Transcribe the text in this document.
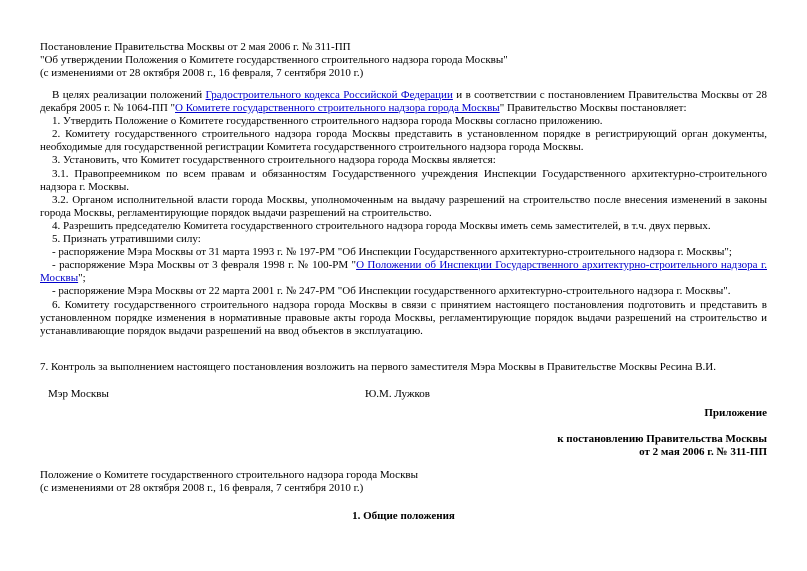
Постановление Правительства Москвы от 2 мая 2006 г. № 311-ПП
"Об утверждении Положения о Комитете государственного строительного надзора города Москвы"
(с изменениями от 28 октября 2008 г., 16 февраля, 7 сентября 2010 г.)

В целях реализации положений Градостроительного кодекса Российской Федерации и в соответствии с постановлением Правительства Москвы от 28 декабря 2005 г. № 1064-ПП "О Комитете государственного строительного надзора города Москвы" Правительство Москвы постановляет:

1. Утвердить Положение о Комитете государственного строительного надзора города Москвы согласно приложению.

2. Комитету государственного строительного надзора города Москвы представить в установленном порядке в регистрирующий орган документы, необходимые для государственной регистрации Комитета государственного строительного надзора города Москвы.

3. Установить, что Комитет государственного строительного надзора города Москвы является:

3.1. Правопреемником по всем правам и обязанностям Государственного учреждения Инспекции Государственного архитектурно-строительного надзора г. Москвы.

3.2. Органом исполнительной власти города Москвы, уполномоченным на выдачу разрешений на строительство после внесения изменений в законы города Москвы, регламентирующие порядок выдачи разрешений на строительство.

4. Разрешить председателю Комитета государственного строительного надзора города Москвы иметь семь заместителей, в т.ч. двух первых.

5. Признать утратившими силу:

- распоряжение Мэра Москвы от 31 марта 1993 г. № 197-РМ "Об Инспекции Государственного архитектурно-строительного надзора г. Москвы";

- распоряжение Мэра Москвы от 3 февраля 1998 г. № 100-РМ "О Положении об Инспекции Государственного архитектурно-строительного надзора г. Москвы";

- распоряжение Мэра Москвы от 22 марта 2001 г. № 247-РМ "Об Инспекции государственного архитектурно-строительного надзора г. Москвы".

6. Комитету государственного строительного надзора города Москвы в связи с принятием настоящего постановления подготовить и представить в установленном порядке изменения в нормативные правовые акты города Москвы, регламентирующие порядок выдачи разрешений на строительство и устанавливающие порядок выдачи разрешений на ввод объектов в эксплуатацию.

7. Контроль за выполнением настоящего постановления возложить на первого заместителя Мэра Москвы в Правительстве Москвы Ресина В.И.
Мэр Москвы	Ю.М. Лужков
Приложение
к постановлению Правительства Москвы
от 2 мая 2006 г. № 311-ПП
Положение о Комитете государственного строительного надзора города Москвы
(с изменениями от 28 октября 2008 г., 16 февраля, 7 сентября 2010 г.)
1. Общие положения
